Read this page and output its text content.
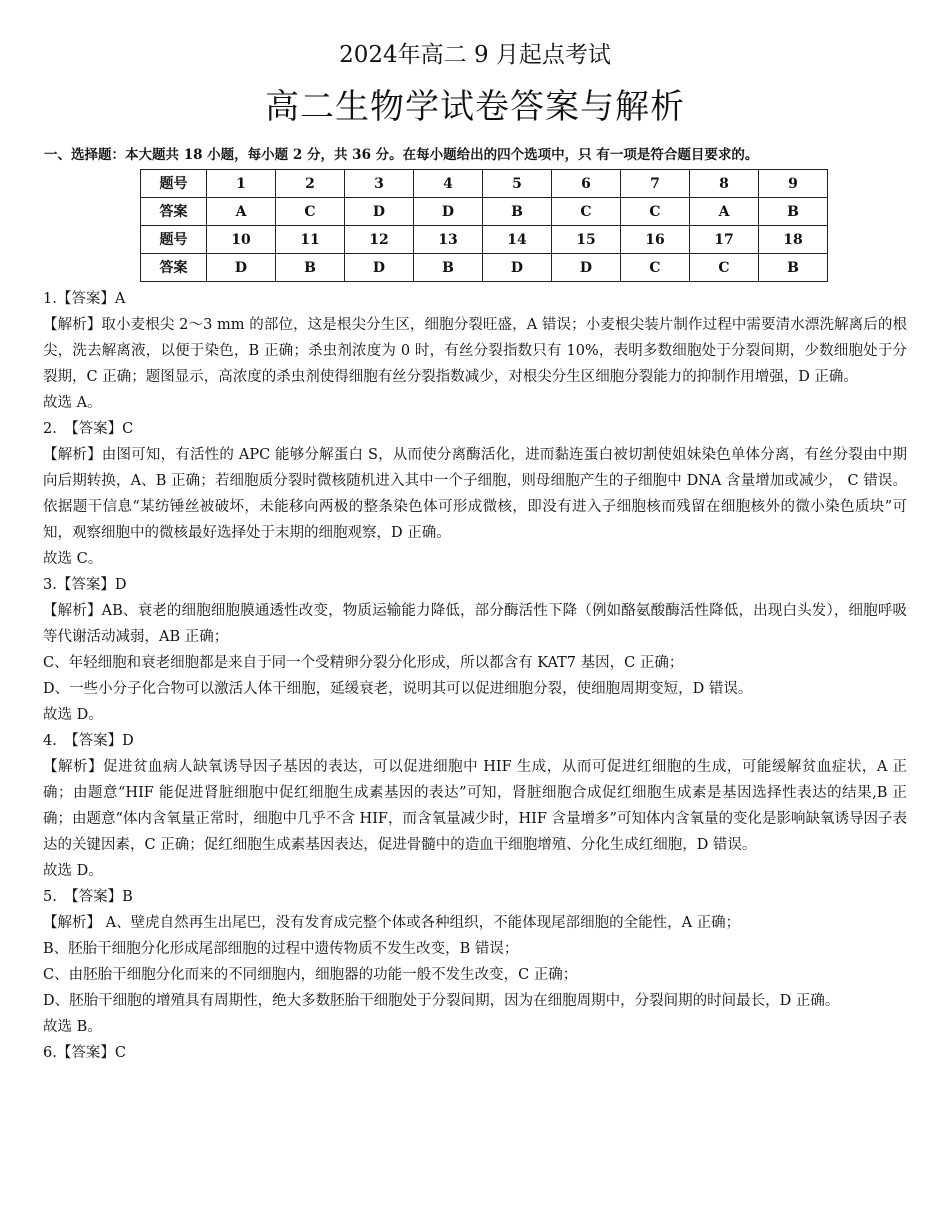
2024年高二 9 月起点考试
高二生物学试卷答案与解析
一、选择题：本大题共 18 小题，每小题 2 分，共 36 分。在每小题给出的四个选项中，只 有一项是符合题目要求的。
题号	1	2	3	4	5	6	7	8	9
答案	A	C	D	D	B	C	C	A	B
题号	10	11	12	13	14	15	16	17	18
答案	D	B	D	B	D	D	C	C	B

1.【答案】A

【解析】取小麦根尖 2～3 mm 的部位，这是根尖分生区，细胞分裂旺盛，A 错误；小麦根尖装片制作过程中需要清水漂洗解离后的根尖，洗去解离液，以便于染色，B 正确；杀虫剂浓度为 0 时，有丝分裂指数只有 10%，表明多数细胞处于分裂间期，少数细胞处于分裂期，C 正确；题图显示，高浓度的杀虫剂使得细胞有丝分裂指数减少，对根尖分生区细胞分裂能力的抑制作用增强，D 正确。

故选 A。

2.　【答案】C

【解析】由图可知，有活性的 APC 能够分解蛋白 S，从而使分离酶活化，进而黏连蛋白被切割使姐妹染色单体分离，有丝分裂由中期向后期转换，A、B 正确；若细胞质分裂时微核随机进入其中一个子细胞，则母细胞产生的子细胞中 DNA 含量增加或减少， C 错误。依据题干信息“某纺锤丝被破坏，未能移向两极的整条染色体可形成微核，即没有进入子细胞核而残留在细胞核外的微小染色质块”可知，观察细胞中的微核最好选择处于末期的细胞观察，D 正确。

故选 C。

3.【答案】D

【解析】AB、衰老的细胞细胞膜通透性改变，物质运输能力降低，部分酶活性下降（例如酪氨酸酶活性降低，出现白头发），细胞呼吸等代谢活动减弱，AB 正确；

C、年轻细胞和衰老细胞都是来自于同一个受精卵分裂分化形成，所以都含有 KAT7 基因，C 正确；

D、一些小分子化合物可以激活人体干细胞，延缓衰老，说明其可以促进细胞分裂，使细胞周期变短，D 错误。

故选 D。

4.　【答案】D

【解析】促进贫血病人缺氧诱导因子基因的表达，可以促进细胞中 HIF 生成，从而可促进红细胞的生成，可能缓解贫血症状，A 正确；由题意“HIF 能促进肾脏细胞中促红细胞生成素基因的表达”可知，肾脏细胞合成促红细胞生成素是基因选择性表达的结果,B 正确；由题意“体内含氧量正常时，细胞中几乎不含 HIF，而含氧量减少时，HIF 含量增多”可知体内含氧量的变化是影响缺氧诱导因子表达的关键因素，C 正确；促红细胞生成素基因表达，促进骨髓中的造血干细胞增殖、分化生成红细胞，D 错误。

故选 D。

5.　【答案】B

【解析】 A、壁虎自然再生出尾巴，没有发育成完整个体或各种组织，不能体现尾部细胞的全能性，A 正确；

B、胚胎干细胞分化形成尾部细胞的过程中遗传物质不发生改变，B 错误；

C、由胚胎干细胞分化而来的不同细胞内，细胞器的功能一般不发生改变，C 正确；

D、胚胎干细胞的增殖具有周期性，绝大多数胚胎干细胞处于分裂间期，因为在细胞周期中，分裂间期的时间最长，D 正确。

故选 B。

6.【答案】C
